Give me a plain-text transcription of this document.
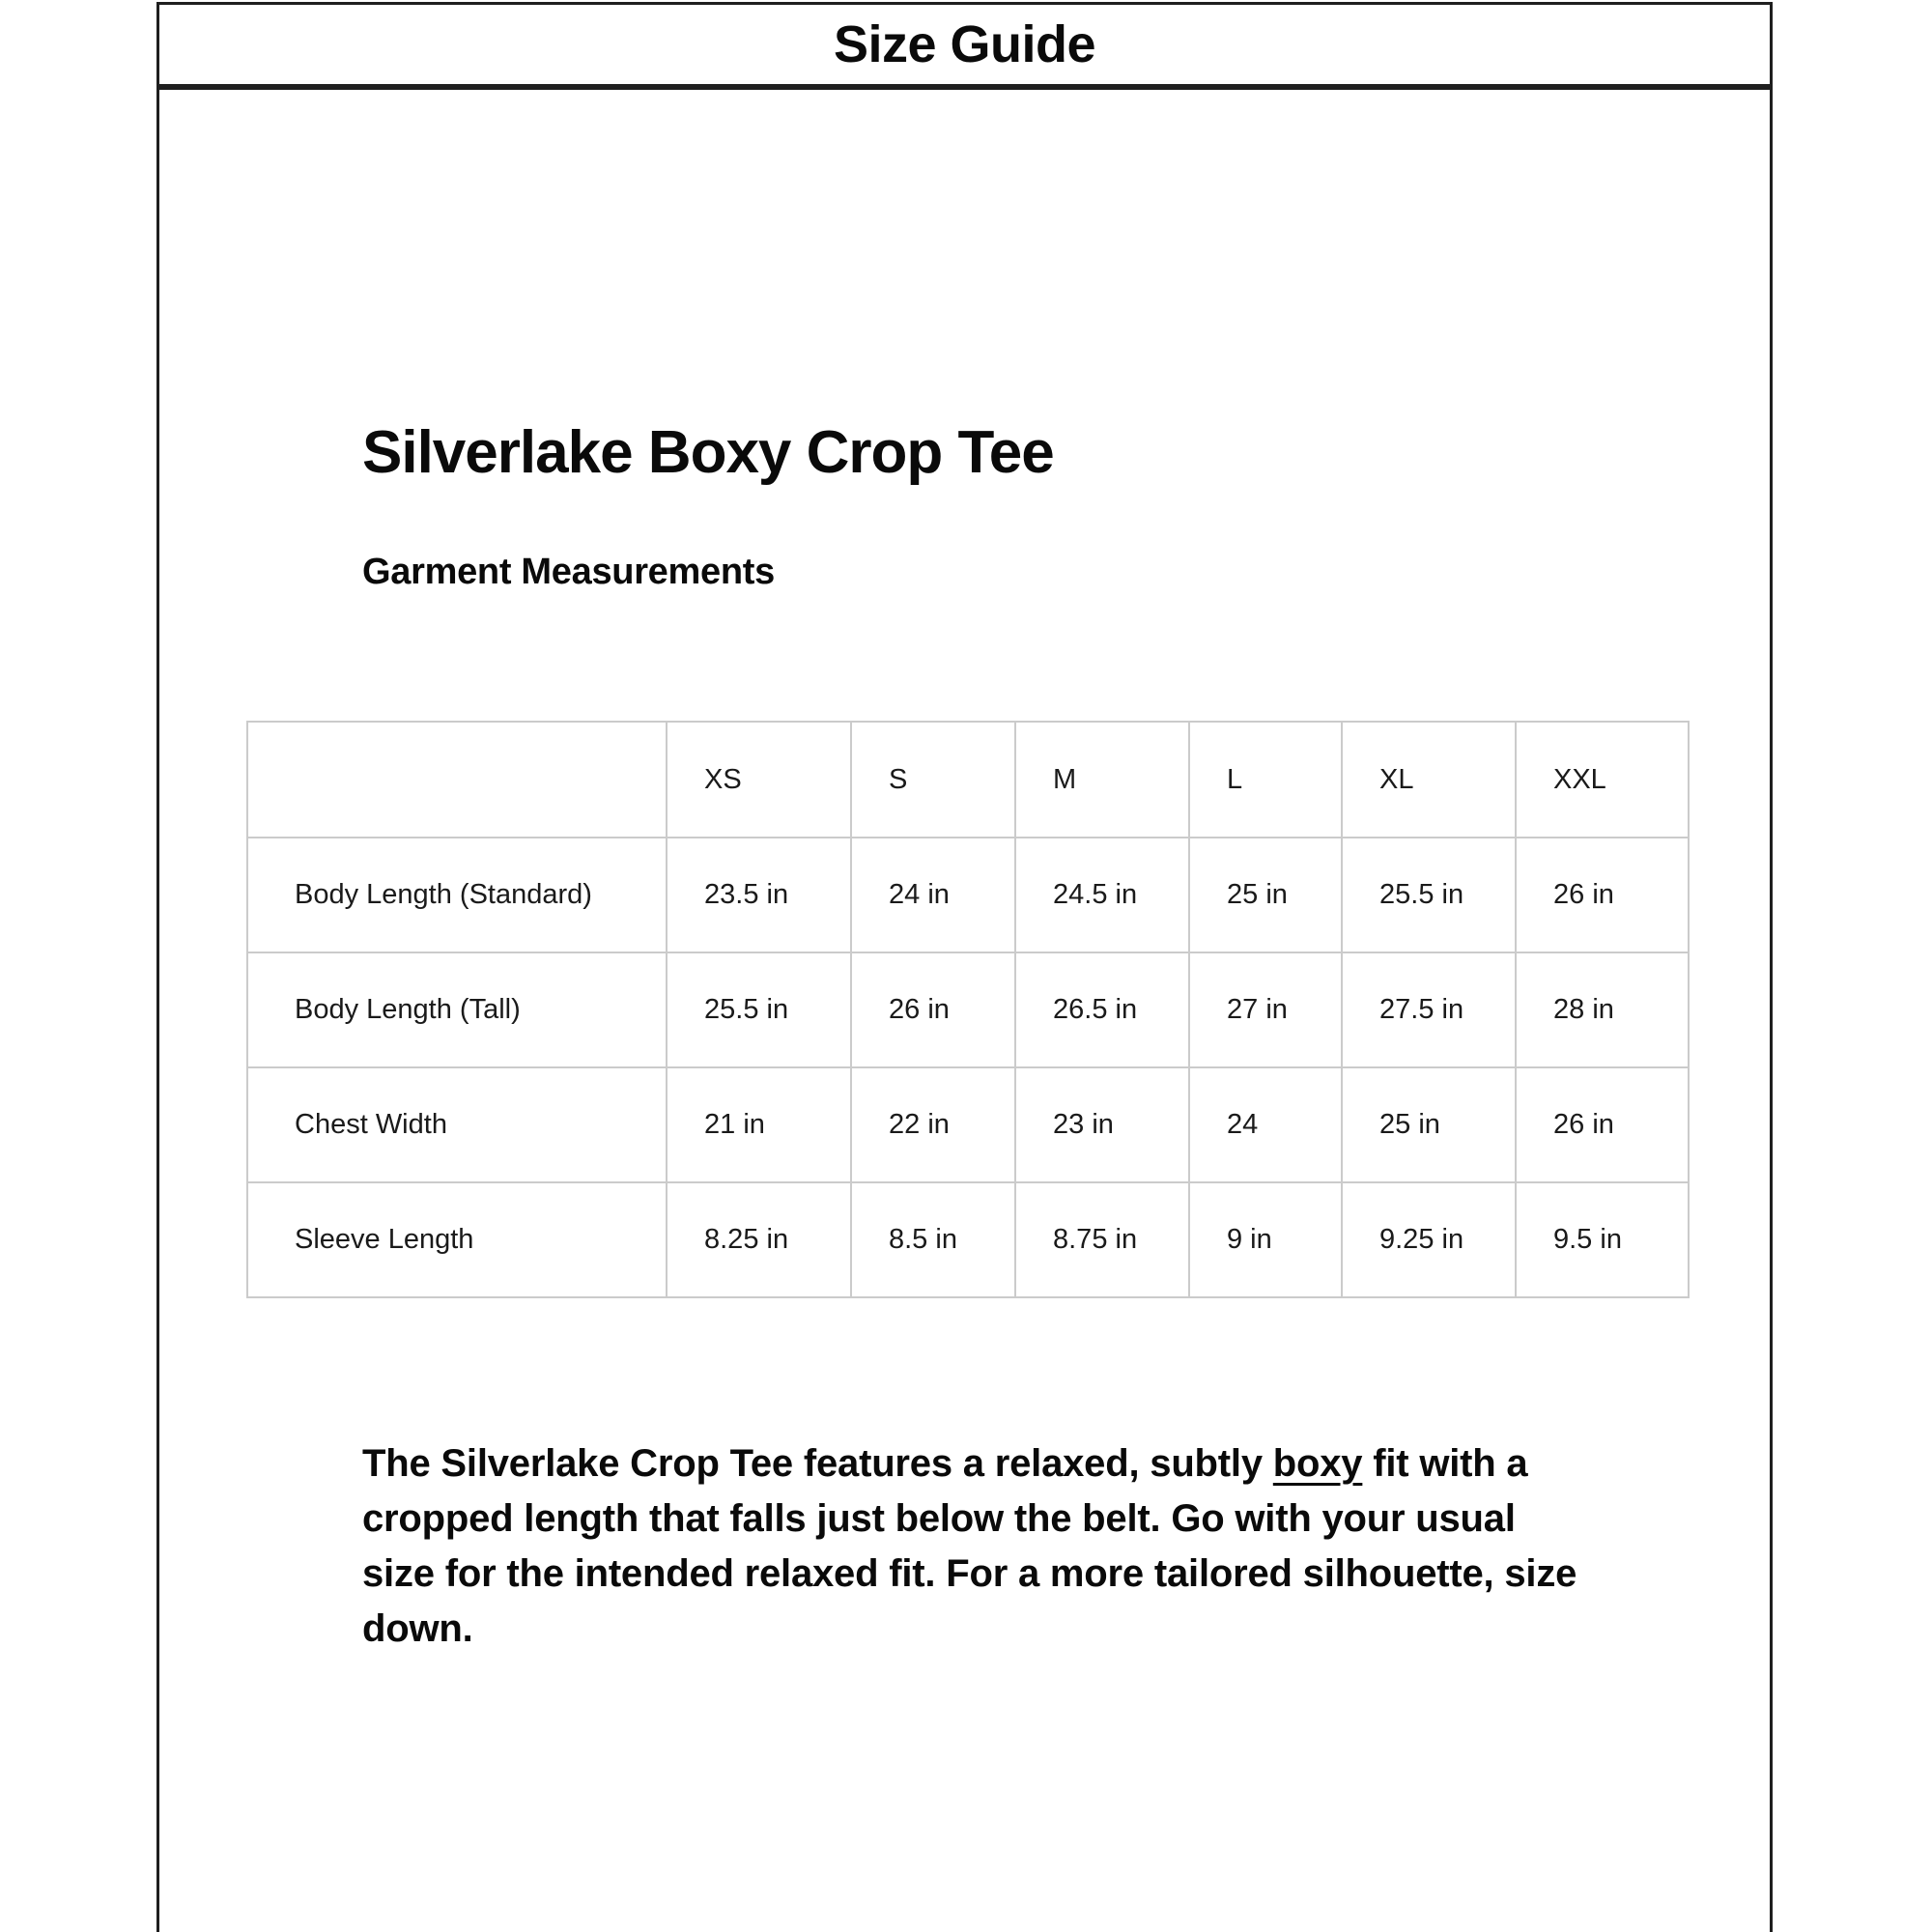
Size Guide
Silverlake Boxy Crop Tee
Garment Measurements
	XS	S	M	L	XL	XXL
Body Length (Standard)	23.5 in	24 in	24.5 in	25 in	25.5 in	26 in
Body Length (Tall)	25.5 in	26 in	26.5 in	27 in	27.5 in	28 in
Chest Width	21 in	22 in	23 in	24	25 in	26 in
Sleeve Length	8.25 in	8.5 in	8.75 in	9 in	9.25 in	9.5 in

The Silverlake Crop Tee features a relaxed, subtly boxy fit with a cropped length that falls just below the belt. Go with your usual size for the intended relaxed fit. For a more tailored silhouette, size down.
